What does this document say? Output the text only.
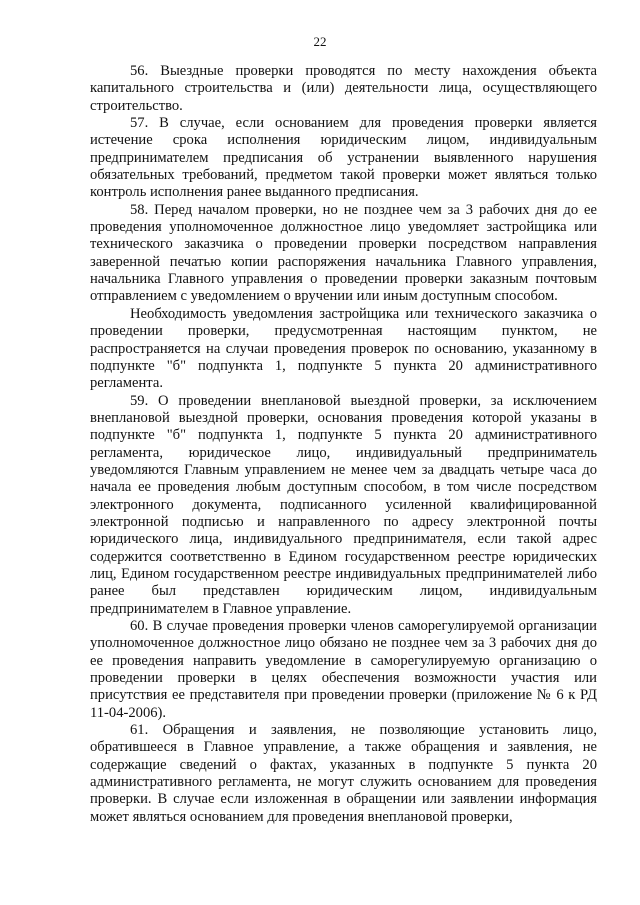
22

56. Выездные проверки проводятся по месту нахождения объекта капитального строительства и (или) деятельности лица, осуществляющего строительство.

57. В случае, если основанием для проведения проверки является истечение срока исполнения юридическим лицом, индивидуальным предпринимателем предписания об устранении выявленного нарушения обязательных требований, предметом такой проверки может являться только контроль исполнения ранее выданного предписания.

58. Перед началом проверки, но не позднее чем за 3 рабочих дня до ее проведения уполномоченное должностное лицо уведомляет застройщика или технического заказчика о проведении проверки посредством направления заверенной печатью копии распоряжения начальника Главного управления, начальника Главного управления о проведении проверки заказным почтовым отправлением с уведомлением о вручении или иным доступным способом.

Необходимость уведомления застройщика или технического заказчика о проведении проверки, предусмотренная настоящим пунктом, не распространяется на случаи проведения проверок по основанию, указанному в подпункте "б" подпункта 1, подпункте 5 пункта 20 административного регламента.

59. О проведении внеплановой выездной проверки, за исключением внеплановой выездной проверки, основания проведения которой указаны в подпункте "б" подпункта 1, подпункте 5 пункта 20 административного регламента, юридическое лицо, индивидуальный предприниматель уведомляются Главным управлением не менее чем за двадцать четыре часа до начала ее проведения любым доступным способом, в том числе посредством электронного документа, подписанного усиленной квалифицированной электронной подписью и направленного по адресу электронной почты юридического лица, индивидуального предпринимателя, если такой адрес содержится соответственно в Едином государственном реестре юридических лиц, Едином государственном реестре индивидуальных предпринимателей либо ранее был представлен юридическим лицом, индивидуальным предпринимателем в Главное управление.

60. В случае проведения проверки членов саморегулируемой организации уполномоченное должностное лицо обязано не позднее чем за 3 рабочих дня до ее проведения направить уведомление в саморегулируемую организацию о проведении проверки в целях обеспечения возможности участия или присутствия ее представителя при проведении проверки (приложение № 6 к РД 11-04-2006).

61. Обращения и заявления, не позволяющие установить лицо, обратившееся в Главное управление, а также обращения и заявления, не содержащие сведений о фактах, указанных в подпункте 5 пункта 20 административного регламента, не могут служить основанием для проведения проверки. В случае если изложенная в обращении или заявлении информация может являться основанием для проведения внеплановой проверки,
